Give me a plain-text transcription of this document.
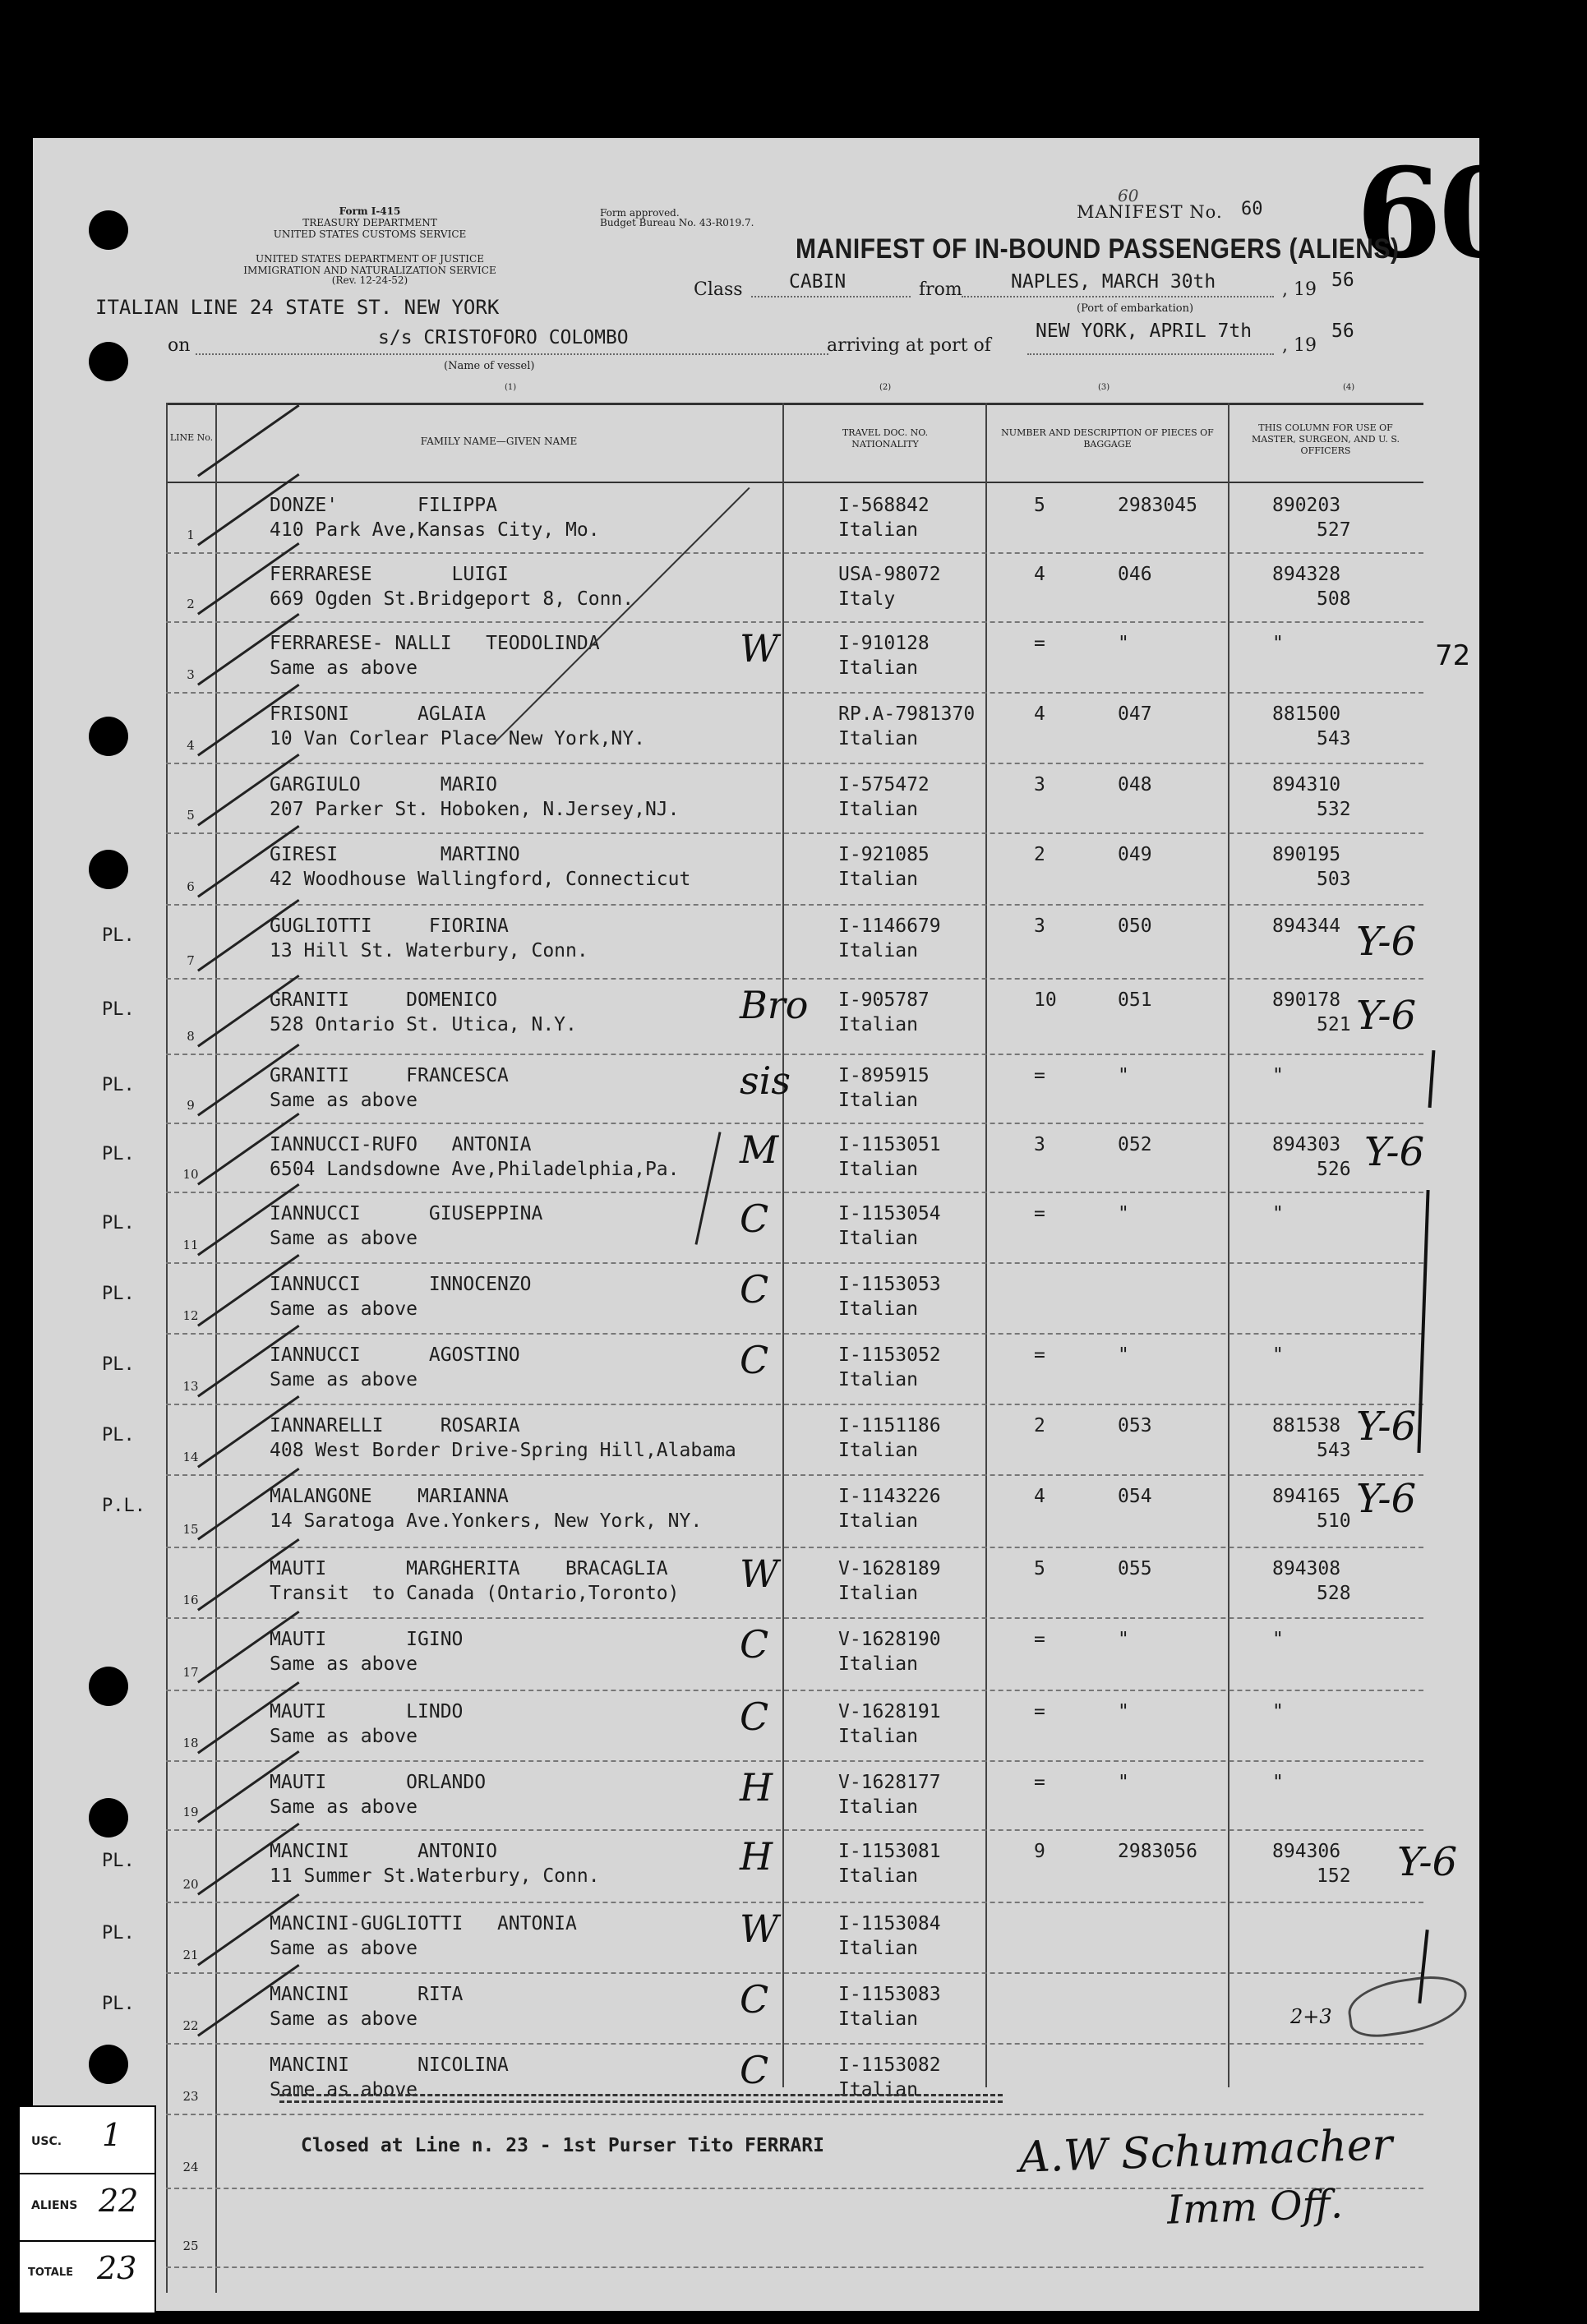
Form I-415
TREASURY DEPARTMENT
UNITED STATES CUSTOMS SERVICE
UNITED STATES DEPARTMENT OF JUSTICE
IMMIGRATION AND NATURALIZATION SERVICE
(Rev. 12-24-52)
Form approved.
Budget Bureau No. 43-R019.7.
MANIFEST No. 60 60
60
MANIFEST OF IN-BOUND PASSENGERS (ALIENS)
ITALIAN LINE 24 STATE ST. NEW YORK
Class CABIN	from	NAPLES, MARCH 30th	, 19 56
(Port of embarkation)
on	s/s CRISTOFORO COLOMBO
(Name of vessel)
arriving at port of
NEW YORK, APRIL 7th
, 19
56
(1)	(2)	(3)	(4)
LINE No.	FAMILY NAME—GIVEN NAME
TRAVEL DOC. NO. NATIONALITY
NUMBER AND DESCRIPTION OF PIECES OF BAGGAGE
THIS COLUMN FOR USE OF MASTER, SURGEON, AND U. S. OFFICERS
1
DONZE'       FILIPPA
410 Park Ave,Kansas City, Mo.
I-568842
Italian
5	2983045	890203
527
2
FERRARESE       LUIGI
669 Ogden St.Bridgeport 8, Conn.
USA-98072
Italy
4	046	894328
508
3
FERRARESE- NALLI   TEODOLINDA
Same as above
I-910128
Italian
=	"	"
W
4
FRISONI      AGLAIA
10 Van Corlear Place New York,NY.
RP.A-7981370
Italian
4	047	881500
543
5
GARGIULO       MARIO
207 Parker St. Hoboken, N.Jersey,NJ.
I-575472
Italian
3	048	894310
532
6
GIRESI         MARTINO
42 Woodhouse Wallingford, Connecticut
I-921085
Italian
2	049	890195
503
7
PL.	GUGLIOTTI     FIORINA
13 Hill St. Waterbury, Conn.
I-1146679
Italian
3	050	894344
8
PL.	GRANITI     DOMENICO
528 Ontario St. Utica, N.Y.
I-905787
Italian
10	051	890178
521
Bro
9
PL.	GRANITI     FRANCESCA
Same as above
I-895915
Italian
=	"	"
sis
10
PL.	IANNUCCI-RUFO   ANTONIA
6504 Landsdowne Ave,Philadelphia,Pa.
I-1153051
Italian
3	052	894303
526
M
11
PL.	IANNUCCI      GIUSEPPINA
Same as above
I-1153054
Italian
=	"	"
C
12
PL.	IANNUCCI      INNOCENZO
Same as above
I-1153053
Italian
C
13
PL.	IANNUCCI      AGOSTINO
Same as above
I-1153052
Italian
=	"	"
C
14
PL.	IANNARELLI     ROSARIA
408 West Border Drive-Spring Hill,Alabama
I-1151186
Italian
2	053	881538
543
15
P.L.	MALANGONE    MARIANNA
14 Saratoga Ave.Yonkers, New York, NY.
I-1143226
Italian
4	054	894165
510
16
MAUTI       MARGHERITA    BRACAGLIA
Transit  to Canada (Ontario,Toronto)
V-1628189
Italian
5	055	894308
528
W
17
MAUTI       IGINO
Same as above
V-1628190
Italian
=	"	"
C
18
MAUTI       LINDO
Same as above
V-1628191
Italian
=	"	"
C
19
MAUTI       ORLANDO
Same as above
V-1628177
Italian
=	"	"
H
20
PL.	MANCINI      ANTONIO
11 Summer St.Waterbury, Conn.
I-1153081
Italian
9	2983056	894306
152
H
21
PL.	MANCINI-GUGLIOTTI   ANTONIA
Same as above
I-1153084
Italian
W
22
PL.	MANCINI      RITA
Same as above
I-1153083
Italian
C
23
MANCINI      NICOLINA
Same as above
I-1153082
Italian
C
24
25
72
Y-6
Y-6
Y-6
Y-6
Y-6
Y-6
2+3
Closed at Line n. 23 - 1st Purser Tito FERRARI	A.W Schumacher
Imm Off.
USC. 1
ALIENS 22
TOTALE 23
